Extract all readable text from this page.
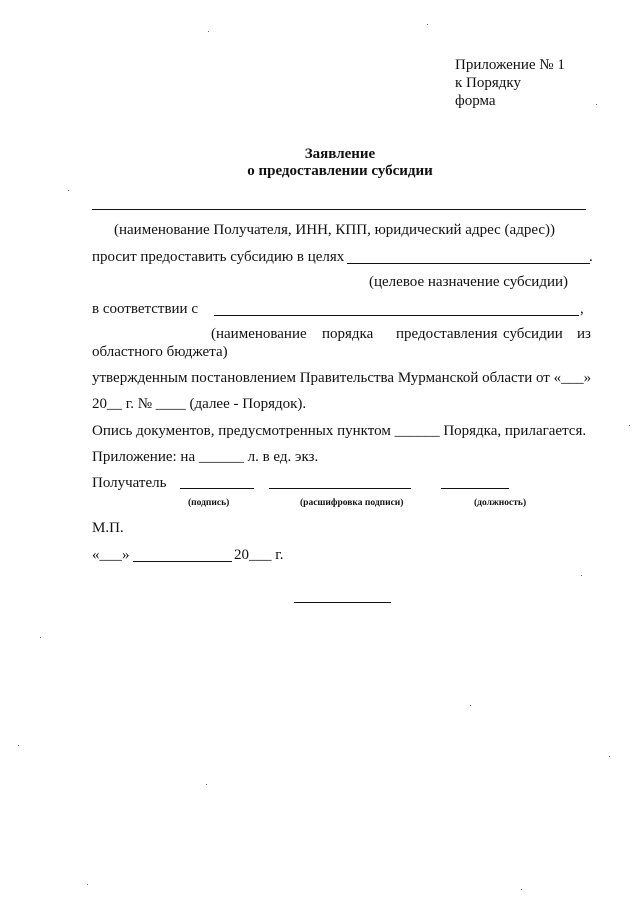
Приложение № 1
к Порядку
форма
Заявление
о предоставлении субсидии
(наименование Получателя, ИНН, КПП, юридический адрес (адрес))
просит предоставить субсидию в целях	.
(целевое назначение субсидии)
в соответствии с	,
(наименование порядка предоставления субсидии из
областного бюджета)
утвержденным постановлением Правительства Мурманской области от «___»
20__ г. № ____ (далее - Порядок).
Опись документов, предусмотренных пунктом ______ Порядка, прилагается.
Приложение: на ______ л. в ед. экз.
Получатель
(подпись)	(расшифровка подписи)	(должность)
М.П.
«___»	20___ г.
